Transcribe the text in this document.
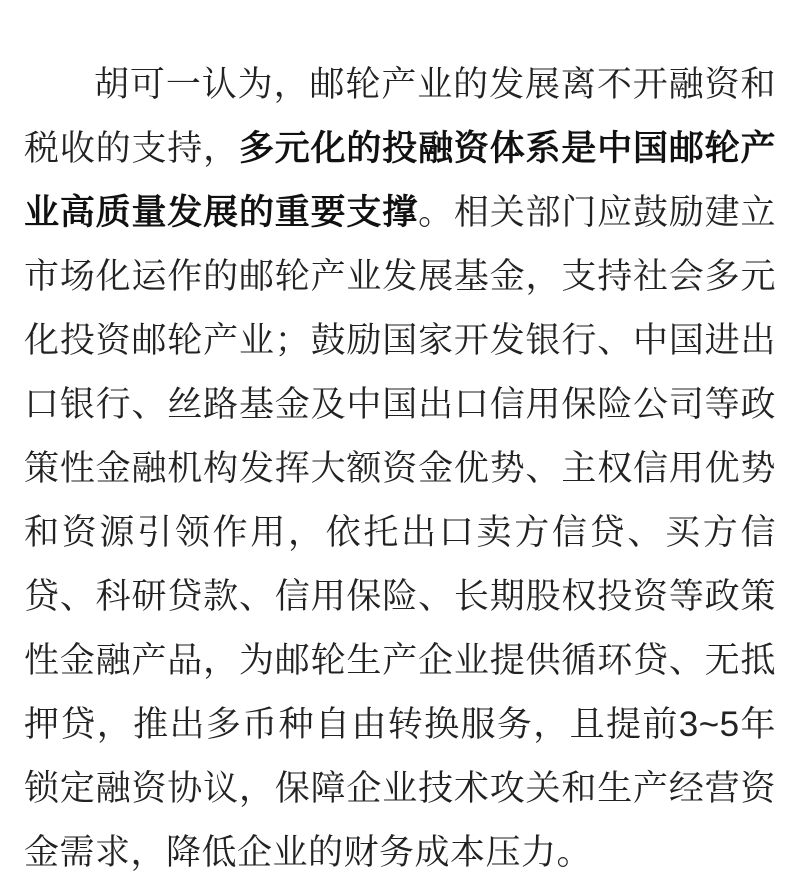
胡可一认为，邮轮产业的发展离不开融资和税收的支持，多元化的投融资体系是中国邮轮产业高质量发展的重要支撑。相关部门应鼓励建立市场化运作的邮轮产业发展基金，支持社会多元化投资邮轮产业；鼓励国家开发银行、中国进出口银行、丝路基金及中国出口信用保险公司等政策性金融机构发挥大额资金优势、主权信用优势和资源引领作用，依托出口卖方信贷、买方信贷、科研贷款、信用保险、长期股权投资等政策性金融产品，为邮轮生产企业提供循环贷、无抵押贷，推出多币种自由转换服务，且提前3~5年锁定融资协议，保障企业技术攻关和生产经营资金需求，降低企业的财务成本压力。
